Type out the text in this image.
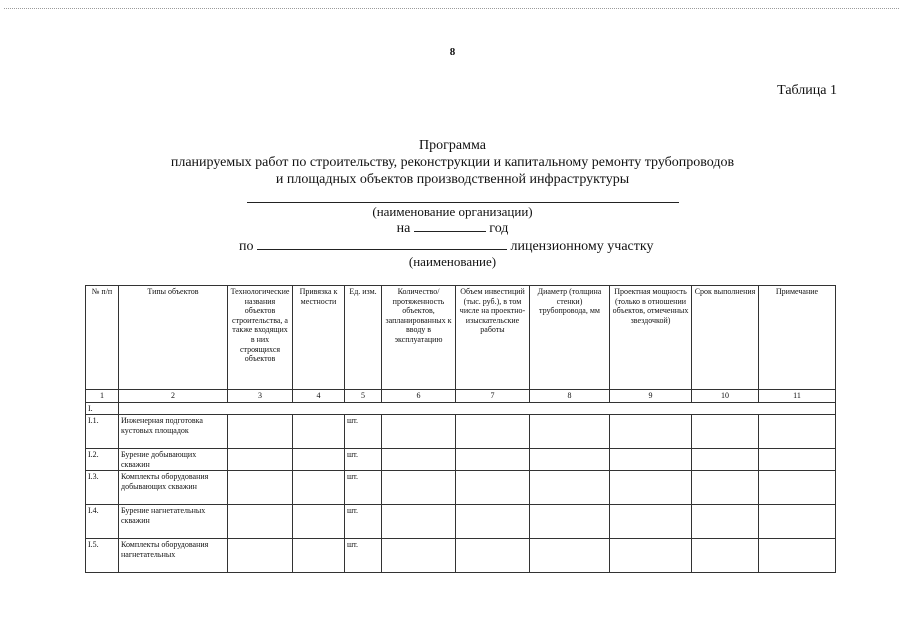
8
Таблица 1
Программа
планируемых работ по строительству, реконструкции и капитальному ремонту трубопроводов
и площадных объектов производственной инфраструктуры
(наименование организации)
на	год
по	лицензионному участку
(наименование)
№ п/п	Типы объектов	Технологические названия объектов строительства, а также входящих в них строящихся объектов	Привязка к местности	Ед. изм.	Количество/ протяженность объектов, запланированных к вводу в эксплуатацию	Объем инвестиций (тыс. руб.), в том числе на проектно-изыскательские работы	Диаметр (толщина стенки) трубопровода, мм	Проектная мощность (только в отношении объектов, отмеченных звездочкой)	Срок выполнения	Примечание
1	2	3	4	5	6	7	8	9	10	11
I.										
I.1.	Инженерная подготовка кустовых площадок			шт.						
I.2.	Бурение добывающих скважин			шт.						
I.3.	Комплекты оборудования добывающих скважин			шт.						
I.4.	Бурение нагнетательных скважин			шт.						
I.5.	Комплекты оборудования нагнетательных			шт.						
